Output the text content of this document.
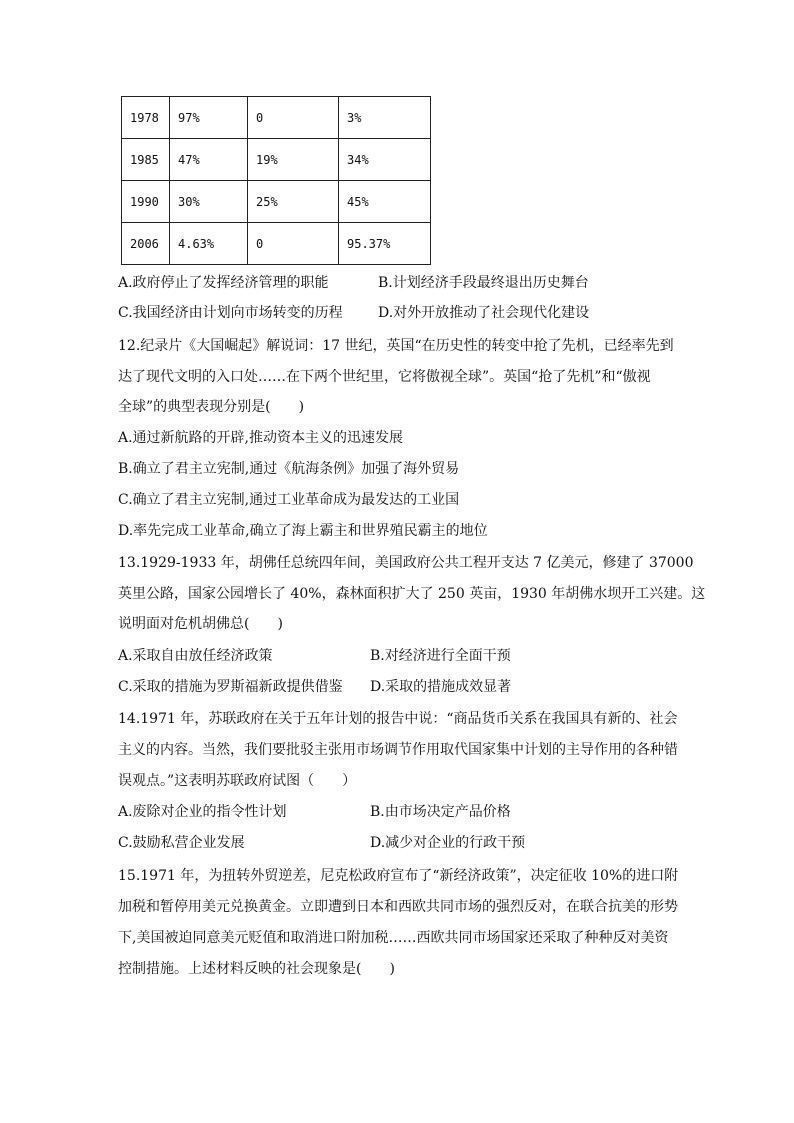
1978	97%	0	3%
1985	47%	19%	34%
1990	30%	25%	45%
2006	4.63%	0	95.37%
A.政府停止了发挥经济管理的职能	B.计划经济手段最终退出历史舞台
C.我国经济由计划向市场转变的历程	D.对外开放推动了社会现代化建设
12.纪录片《大国崛起》解说词：17 世纪，英国“在历史性的转变中抢了先机，已经率先到
达了现代文明的入口处……在下两个世纪里，它将傲视全球”。英国“抢了先机”和“傲视
全球”的典型表现分别是(　　)
A.通过新航路的开辟,推动资本主义的迅速发展
B.确立了君主立宪制,通过《航海条例》加强了海外贸易
C.确立了君主立宪制,通过工业革命成为最发达的工业国
D.率先完成工业革命,确立了海上霸主和世界殖民霸主的地位
13.1929-1933 年，胡佛任总统四年间，美国政府公共工程开支达 7 亿美元，修建了 37000
英里公路，国家公园增长了 40%，森林面积扩大了 250 英亩，1930 年胡佛水坝开工兴建。这
说明面对危机胡佛总(　　)
A.采取自由放任经济政策	B.对经济进行全面干预
C.采取的措施为罗斯福新政提供借鉴 D.采取的措施成效显著
14.1971 年，苏联政府在关于五年计划的报告中说：“商品货币关系在我国具有新的、社会
主义的内容。当然，我们要批驳主张用市场调节作用取代国家集中计划的主导作用的各种错
误观点。”这表明苏联政府试图（　　）
A.废除对企业的指令性计划	B.由市场决定产品价格
C.鼓励私营企业发展	D.减少对企业的行政干预
15.1971 年，为扭转外贸逆差，尼克松政府宣布了“新经济政策”，决定征收 10%的进口附
加税和暂停用美元兑换黄金。立即遭到日本和西欧共同市场的强烈反对，在联合抗美的形势
下,美国被迫同意美元贬值和取消进口附加税……西欧共同市场国家还采取了种种反对美资
控制措施。上述材料反映的社会现象是(　　)
